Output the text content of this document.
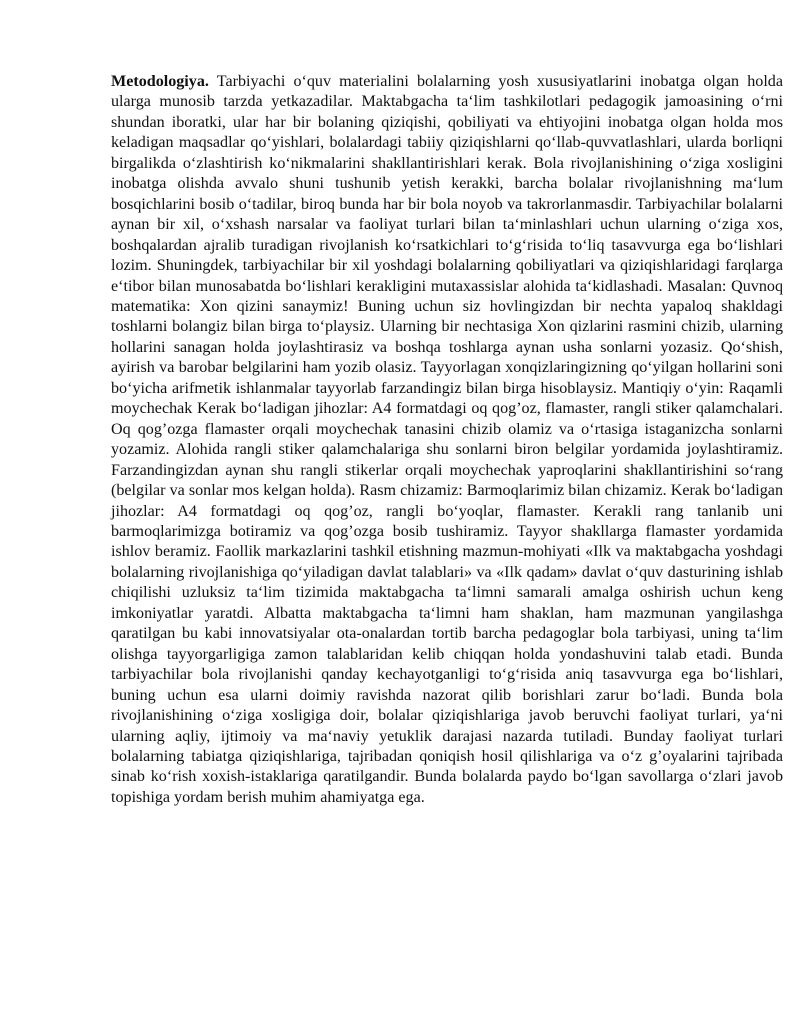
Metodologiya. Tarbiyachi o‘quv materialini bolalarning yosh xususiyatlarini inobatga olgan holda ularga munosib tarzda yetkazadilar. Maktabgacha ta‘lim tashkilotlari pedagogik jamoasining o‘rni shundan iboratki, ular har bir bolaning qiziqishi, qobiliyati va ehtiyojini inobatga olgan holda mos keladigan maqsadlar qo‘yishlari, bolalardagi tabiiy qiziqishlarni qo‘llab-quvvatlashlari, ularda borliqni birgalikda o‘zlashtirish ko‘nikmalarini shakllantirishlari kerak. Bola rivojlanishining o‘ziga xosligini inobatga olishda avvalo shuni tushunib yetish kerakki, barcha bolalar rivojlanishning ma‘lum bosqichlarini bosib o‘tadilar, biroq bunda har bir bola noyob va takrorlanmasdir. Tarbiyachilar bolalarni aynan bir xil, o‘xshash narsalar va faoliyat turlari bilan ta‘minlashlari uchun ularning o‘ziga xos, boshqalardan ajralib turadigan rivojlanish ko‘rsatkichlari to‘g‘risida to‘liq tasavvurga ega bo‘lishlari lozim. Shuningdek, tarbiyachilar bir xil yoshdagi bolalarning qobiliyatlari va qiziqishlaridagi farqlarga e‘tibor bilan munosabatda bo‘lishlari kerakligini mutaxassislar alohida ta‘kidlashadi. Masalan: Quvnoq matematika: Xon qizini sanaymiz! Buning uchun siz hovlingizdan bir nechta yapaloq shakldagi toshlarni bolangiz bilan birga to‘playsiz. Ularning bir nechtasiga Xon qizlarini rasmini chizib, ularning hollarini sanagan holda joylashtirasiz va boshqa toshlarga aynan usha sonlarni yozasiz. Qo‘shish, ayirish va barobar belgilarini ham yozib olasiz. Tayyorlagan xonqizlaringizning qo‘yilgan hollarini soni bo‘yicha arifmetik ishlanmalar tayyorlab farzandingiz bilan birga hisoblaysiz. Mantiqiy o‘yin: Raqamli moychechak Kerak bo‘ladigan jihozlar: A4 formatdagi oq qog’oz, flamaster, rangli stiker qalamchalari. Oq qog’ozga flamaster orqali moychechak tanasini chizib olamiz va o‘rtasiga istaganizcha sonlarni yozamiz. Alohida rangli stiker qalamchalariga shu sonlarni biron belgilar yordamida joylashtiramiz. Farzandingizdan aynan shu rangli stikerlar orqali moychechak yaproqlarini shakllantirishini so‘rang (belgilar va sonlar mos kelgan holda). Rasm chizamiz: Barmoqlarimiz bilan chizamiz. Kerak bo‘ladigan jihozlar: A4 formatdagi oq qog’oz, rangli bo‘yoqlar, flamaster. Kerakli rang tanlanib uni barmoqlarimizga botiramiz va qog’ozga bosib tushiramiz. Tayyor shakllarga flamaster yordamida ishlov beramiz. Faollik markazlarini tashkil etishning mazmun-mohiyati «Ilk va maktabgacha yoshdagi bolalarning rivojlanishiga qo‘yiladigan davlat talablari» va «Ilk qadam» davlat o‘quv dasturining ishlab chiqilishi uzluksiz ta‘lim tizimida maktabgacha ta‘limni samarali amalga oshirish uchun keng imkoniyatlar yaratdi. Albatta maktabgacha ta‘limni ham shaklan, ham mazmunan yangilashga qaratilgan bu kabi innovatsiyalar ota-onalardan tortib barcha pedagoglar bola tarbiyasi, uning ta‘lim olishga tayyorgarligiga zamon talablaridan kelib chiqqan holda yondashuvini talab etadi. Bunda tarbiyachilar bola rivojlanishi qanday kechayotganligi to‘g‘risida aniq tasavvurga ega bo‘lishlari, buning uchun esa ularni doimiy ravishda nazorat qilib borishlari zarur bo‘ladi. Bunda bola rivojlanishining o‘ziga xosligiga doir, bolalar qiziqishlariga javob beruvchi faoliyat turlari, ya‘ni ularning aqliy, ijtimoiy va ma‘naviy yetuklik darajasi nazarda tutiladi. Bunday faoliyat turlari bolalarning tabiatga qiziqishlariga, tajribadan qoniqish hosil qilishlariga va o‘z g’oyalarini tajribada sinab ko‘rish xoxish-istaklariga qaratilgandir. Bunda bolalarda paydo bo‘lgan savollarga o‘zlari javob topishiga yordam berish muhim ahamiyatga ega.
